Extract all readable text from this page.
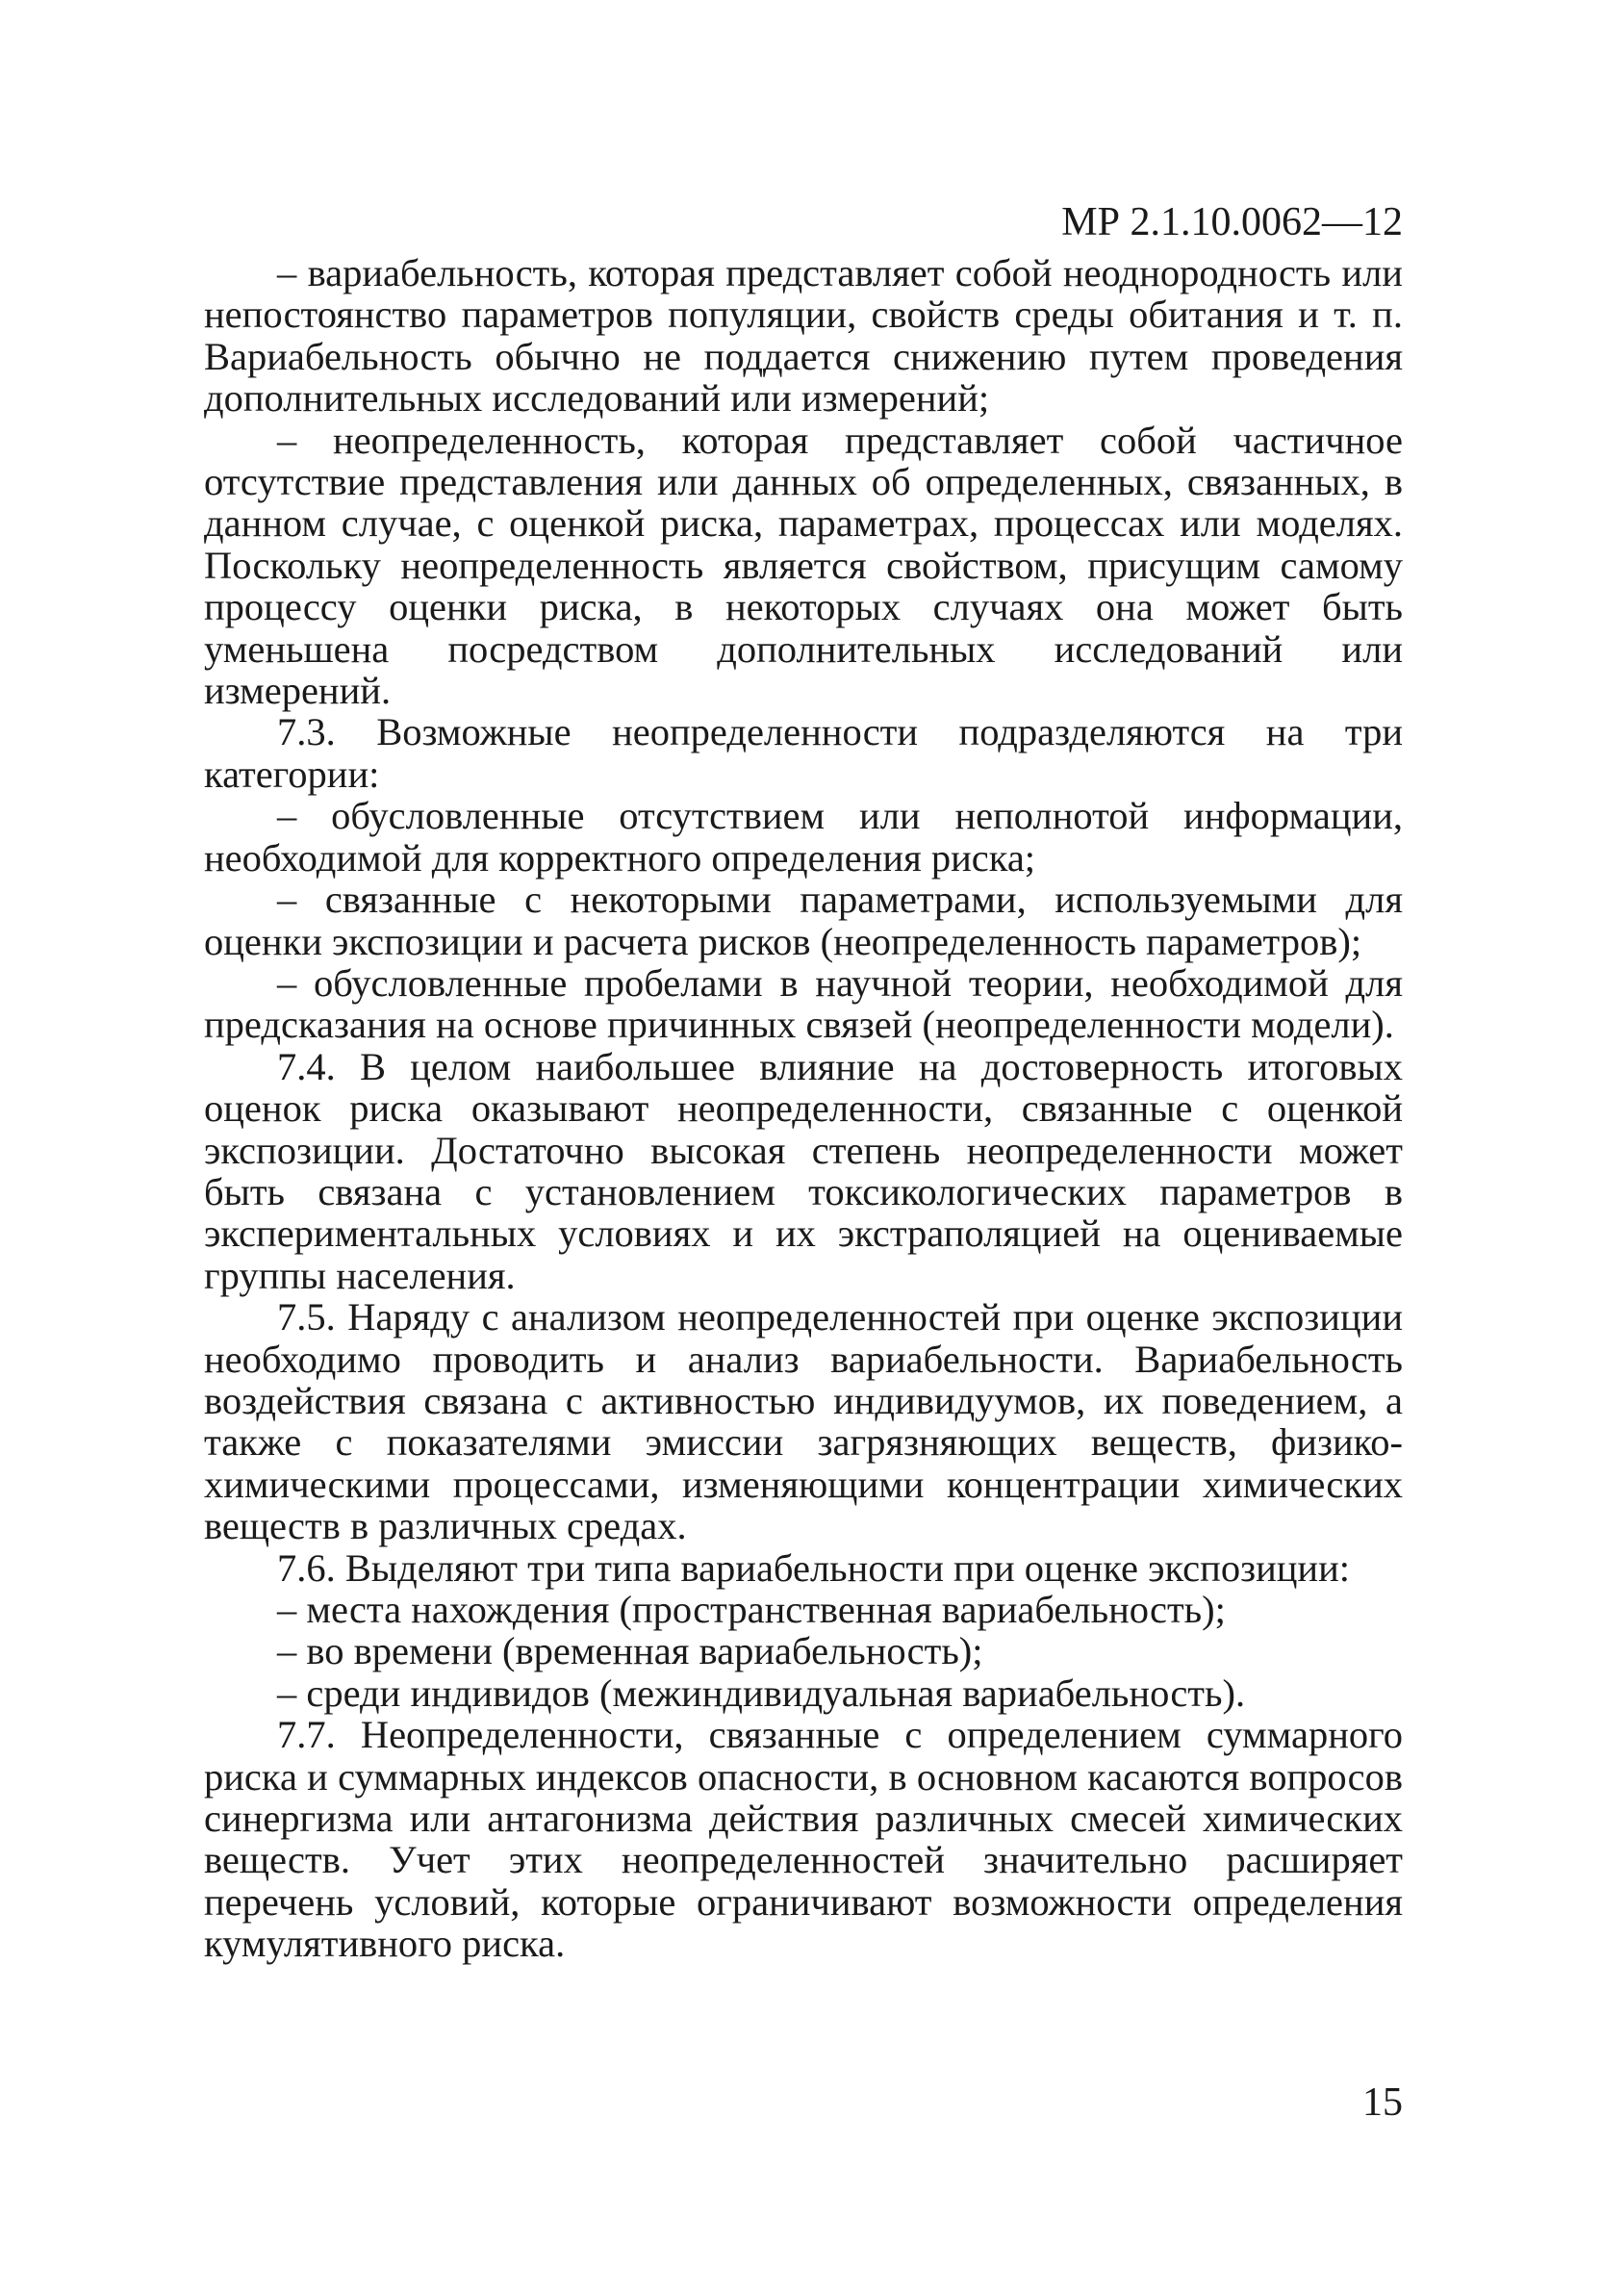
МР 2.1.10.0062—12

– вариабельность, которая представляет собой неоднородность или непостоянство параметров популяции, свойств среды обитания и т. п. Вариабельность обычно не поддается снижению путем проведения дополнительных исследований или измерений;

– неопределенность, которая представляет собой частичное отсутствие представления или данных об определенных, связанных, в данном случае, с оценкой риска, параметрах, процессах или моделях. Поскольку неопределенность является свойством, присущим самому процессу оценки риска, в некоторых случаях она может быть уменьшена посредством дополнительных исследований или измерений.

7.3. Возможные неопределенности подразделяются на три категории:

– обусловленные отсутствием или неполнотой информации, необходимой для корректного определения риска;

– связанные с некоторыми параметрами, используемыми для оценки экспозиции и расчета рисков (неопределенность параметров);

– обусловленные пробелами в научной теории, необходимой для предсказания на основе причинных связей (неопределенности модели).

7.4. В целом наибольшее влияние на достоверность итоговых оценок риска оказывают неопределенности, связанные с оценкой экспозиции. Достаточно высокая степень неопределенности может быть связана с установлением токсикологических параметров в экспериментальных условиях и их экстраполяцией на оцениваемые группы населения.

7.5. Наряду с анализом неопределенностей при оценке экспозиции необходимо проводить и анализ вариабельности. Вариабельность воздействия связана с активностью индивидуумов, их поведением, а также с показателями эмиссии загрязняющих веществ, физико-химическими процессами, изменяющими концентрации химических веществ в различных средах.

7.6. Выделяют три типа вариабельности при оценке экспозиции:

– места нахождения (пространственная вариабельность);

– во времени (временная вариабельность);

– среди индивидов (межиндивидуальная вариабельность).

7.7. Неопределенности, связанные с определением суммарного риска и суммарных индексов опасности, в основном касаются вопросов синергизма или антагонизма действия различных смесей химических веществ. Учет этих неопределенностей значительно расширяет перечень условий, которые ограничивают возможности определения кумулятивного риска.

15
